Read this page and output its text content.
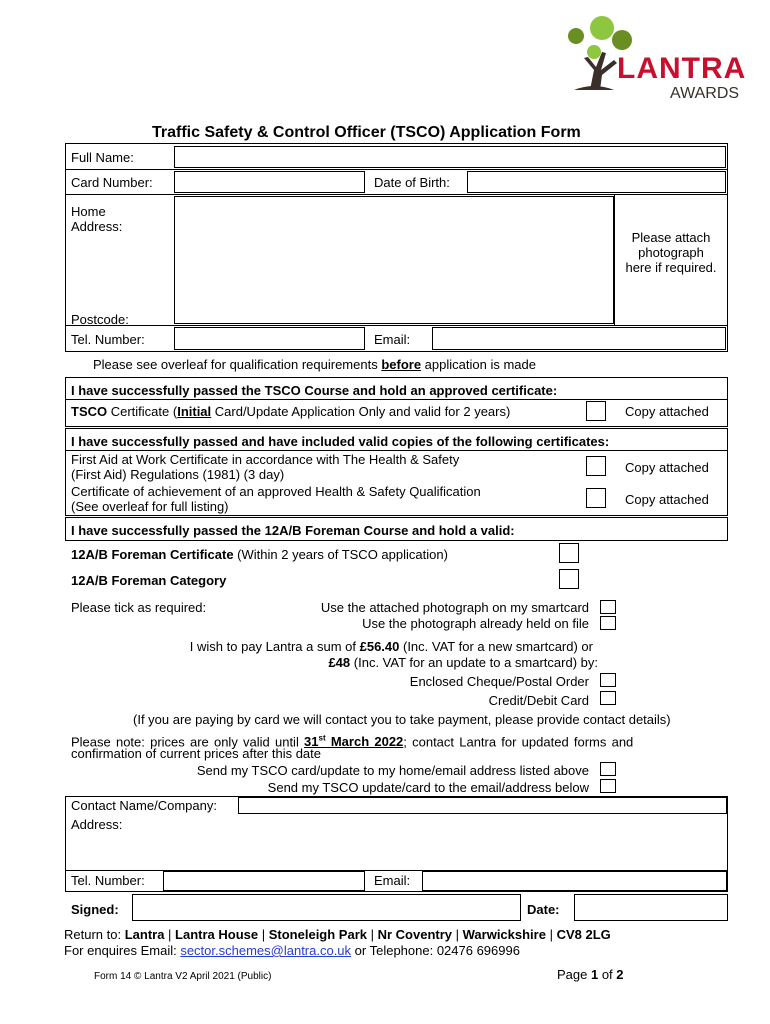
LANTRA
AWARDS
Traffic Safety & Control Officer (TSCO) Application Form
Full Name:
Card Number:	Date of Birth:
Home
Address:
Please attach
photograph
here if required.
Postcode:
Tel. Number:	Email:
Please see overleaf for qualification requirements before application is made
I have successfully passed the TSCO Course and hold an approved certificate:
TSCO Certificate (Initial Card/Update Application Only and valid for 2 years)	Copy attached
I have successfully passed and have included valid copies of the following certificates:
First Aid at Work Certificate in accordance with The Health & Safety
(First Aid) Regulations (1981) (3 day)	Copy attached
Certificate of achievement of an approved Health & Safety Qualification
(See overleaf for full listing)	Copy attached
I have successfully passed the 12A/B Foreman Course and hold a valid:
12A/B Foreman Certificate (Within 2 years of TSCO application)
12A/B Foreman Category
Please tick as required:	Use the attached photograph on my smartcard
Use the photograph already held on file
I wish to pay Lantra a sum of £56.40 (Inc. VAT for a new smartcard) or
£48 (Inc. VAT for an update to a smartcard) by:
Enclosed Cheque/Postal Order
Credit/Debit Card
(If you are paying by card we will contact you to take payment, please provide contact details)
Please note: prices are only valid until 31st March 2022; contact Lantra for updated forms and
confirmation of current prices after this date
Send my TSCO card/update to my home/email address listed above
Send my TSCO update/card to the email/address below
Contact Name/Company:
Address:
Tel. Number:	Email:
Signed:	Date:
Return to: Lantra | Lantra House | Stoneleigh Park | Nr Coventry | Warwickshire | CV8 2LG
For enquires Email: sector.schemes@lantra.co.uk or Telephone: 02476 696996
Form 14 © Lantra V2 April 2021 (Public)	Page 1 of 2
